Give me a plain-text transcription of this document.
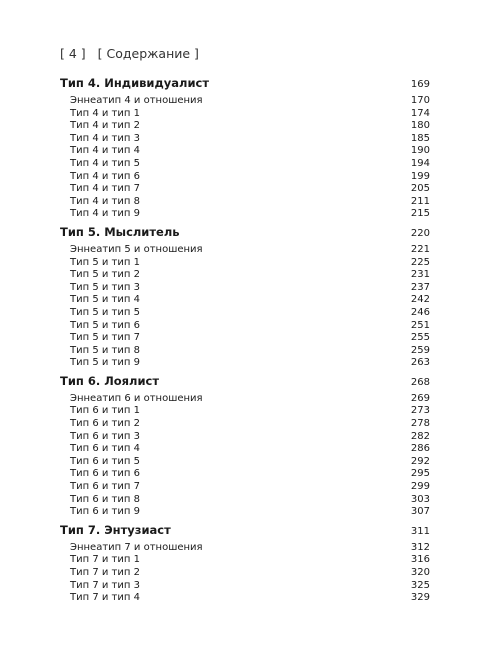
[ 4 ] [ Содержание ]
Тип 4. Индивидуалист	169
Эннеатип 4 и отношения	170
Тип 4 и тип 1	174
Тип 4 и тип 2	180
Тип 4 и тип 3	185
Тип 4 и тип 4	190
Тип 4 и тип 5	194
Тип 4 и тип 6	199
Тип 4 и тип 7	205
Тип 4 и тип 8	211
Тип 4 и тип 9	215
Тип 5. Мыслитель	220
Эннеатип 5 и отношения	221
Тип 5 и тип 1	225
Тип 5 и тип 2	231
Тип 5 и тип 3	237
Тип 5 и тип 4	242
Тип 5 и тип 5	246
Тип 5 и тип 6	251
Тип 5 и тип 7	255
Тип 5 и тип 8	259
Тип 5 и тип 9	263
Тип 6. Лоялист	268
Эннеатип 6 и отношения	269
Тип 6 и тип 1	273
Тип 6 и тип 2	278
Тип 6 и тип 3	282
Тип 6 и тип 4	286
Тип 6 и тип 5	292
Тип 6 и тип 6	295
Тип 6 и тип 7	299
Тип 6 и тип 8	303
Тип 6 и тип 9	307
Тип 7. Энтузиаст	311
Эннеатип 7 и отношения	312
Тип 7 и тип 1	316
Тип 7 и тип 2	320
Тип 7 и тип 3	325
Тип 7 и тип 4	329
